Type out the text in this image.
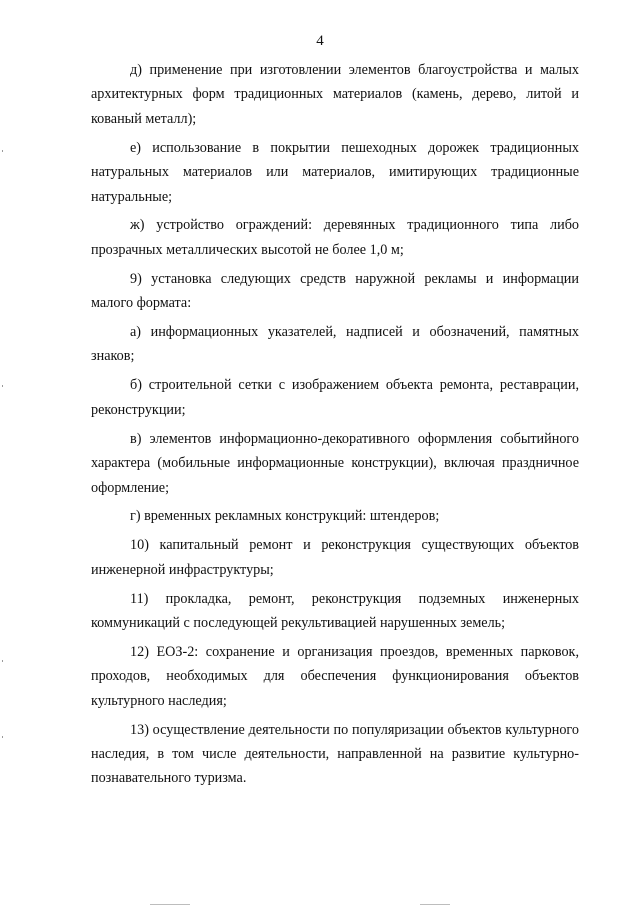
4

д) применение при изготовлении элементов благоустройства и малых архитектурных форм традиционных материалов (камень, дерево, литой и кованый металл);

е) использование в покрытии пешеходных дорожек традиционных натуральных материалов или материалов, имитирующих традиционные натуральные;

ж) устройство ограждений: деревянных традиционного типа либо прозрачных металлических высотой не более 1,0 м;

9) установка следующих средств наружной рекламы и информации малого формата:

а) информационных указателей, надписей и обозначений, памятных знаков;

б) строительной сетки с изображением объекта ремонта, реставрации, реконструкции;

в) элементов информационно-декоративного оформления событийного характера (мобильные информационные конструкции), включая праздничное оформление;

г) временных рекламных конструкций: штендеров;

10) капитальный ремонт и реконструкция существующих объектов инженерной инфраструктуры;

11) прокладка, ремонт, реконструкция подземных инженерных коммуникаций с последующей рекультивацией нарушенных земель;

12) ЕОЗ-2: сохранение и организация проездов, временных парковок, проходов, необходимых для обеспечения функционирования объектов культурного наследия;

13) осуществление деятельности по популяризации объектов культурного наследия, в том числе деятельности, направленной на развитие культурно-познавательного туризма.
